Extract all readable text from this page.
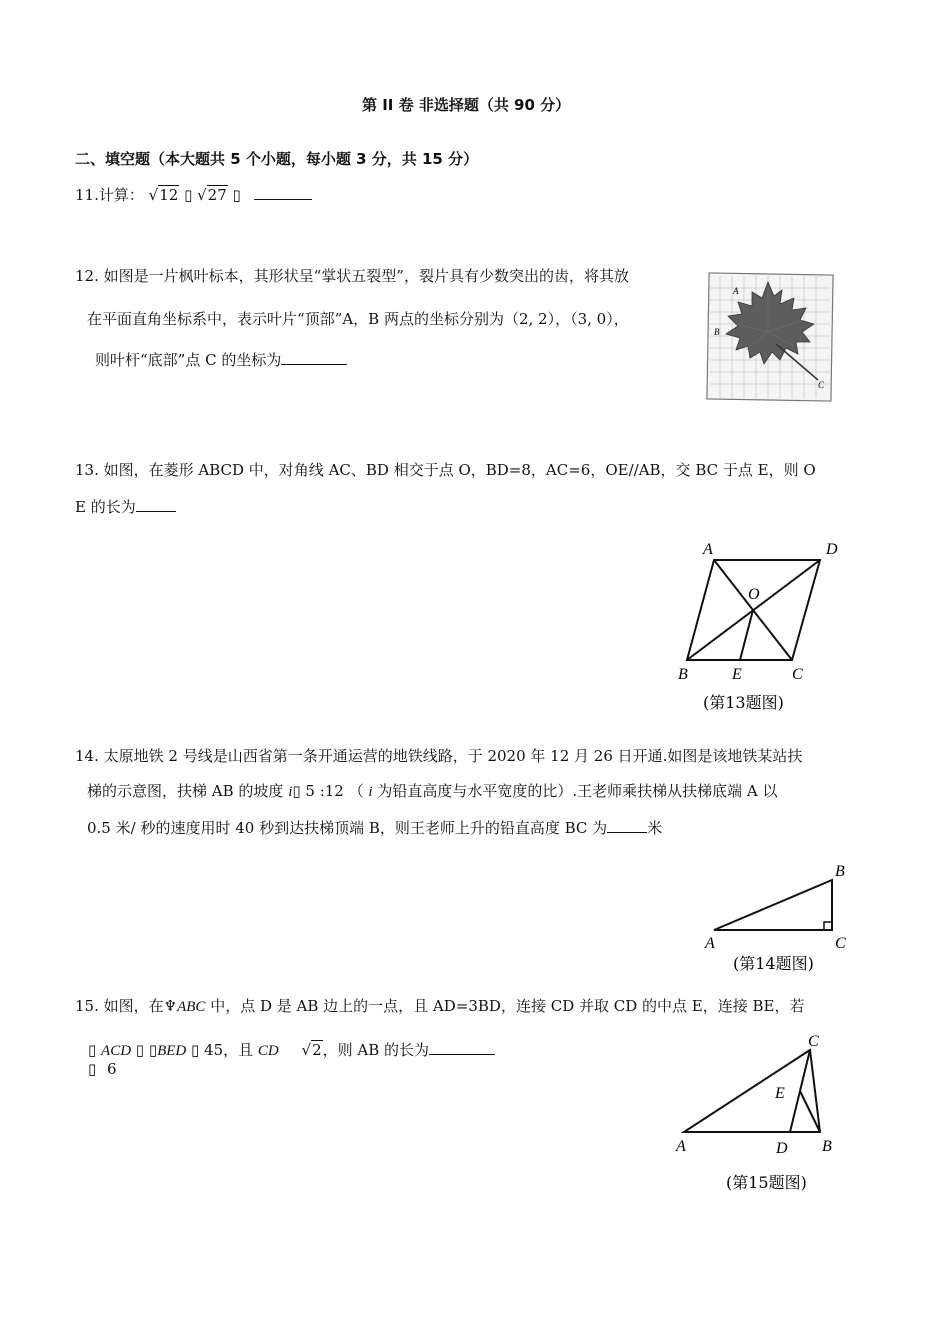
第 II 卷 非选择题（共 90 分）
二、填空题（本大题共 5 个小题，每小题 3 分，共 15 分）
11.计算： √12 ▯ √27 ▯
12. 如图是一片枫叶标本，其形状呈“掌状五裂型”，裂片具有少数突出的齿，将其放
在平面直角坐标系中，表示叶片“顶部”A，B 两点的坐标分别为（2, 2），（3, 0），
则叶杆“底部”点 C 的坐标为
A
B
C
13. 如图，在菱形 ABCD 中，对角线 AC、BD 相交于点 O，BD=8，AC=6，OE//AB，交 BC 于点 E，则 O
E 的长为
A	D
O
B	E	C
(第13题图)
14. 太原地铁 2 号线是山西省第一条开通运营的地铁线路，于 2020 年 12 月 26 日开通.如图是该地铁某站扶
梯的示意图，扶梯 AB 的坡度 i▯ 5 :12 （ i 为铅直高度与水平宽度的比）.王老师乘扶梯从扶梯底端 A 以
0.5 米/ 秒的速度用时 40 秒到达扶梯顶端 B，则王老师上升的铅直高度 BC 为	米
B
A	C
(第14题图)
15. 如图，在♆ABC 中，点 D 是 AB 边上的一点，且 AD=3BD，连接 CD 并取 CD 的中点 E，连接 BE，若
▯ ACD ▯ ▯BED ▯ 45，且 CD √2，则 AB 的长为
▯ 6
C
E
A	D B
(第15题图)
